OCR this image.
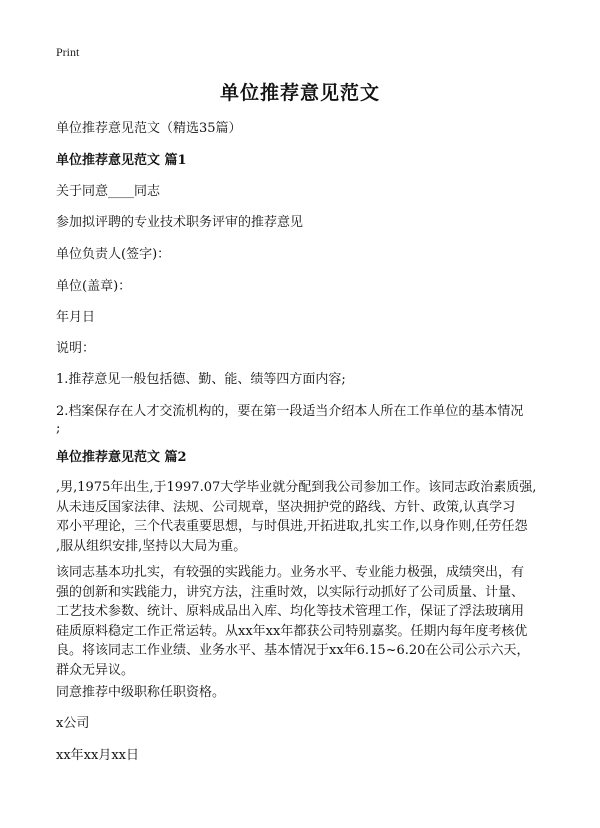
Print
单位推荐意见范文
单位推荐意见范文（精选35篇）
单位推荐意见范文 篇1
关于同意____同志
参加拟评聘的专业技术职务评审的推荐意见
单位负责人(签字)：
单位(盖章)：
年月日
说明：
1.推荐意见一般包括德、勤、能、绩等四方面内容;
2.档案保存在人才交流机构的，要在第一段适当介绍本人所在工作单位的基本情况
;
单位推荐意见范文 篇2
,男,1975年出生,于1997.07大学毕业就分配到我公司参加工作。该同志政治素质强,
从未违反国家法律、法规、公司规章，坚决拥护党的路线、方针、政策,认真学习
邓小平理论，三个代表重要思想，与时俱进,开拓进取,扎实工作,以身作则,任劳任怨
,服从组织安排,坚持以大局为重。
该同志基本功扎实，有较强的实践能力。业务水平、专业能力极强，成绩突出，有
强的创新和实践能力，讲究方法，注重时效，以实际行动抓好了公司质量、计量、
工艺技术参数、统计、原料成品出入库、均化等技术管理工作，保证了浮法玻璃用
硅质原料稳定工作正常运转。从xx年xx年都获公司特别嘉奖。任期内每年度考核优
良。将该同志工作业绩、业务水平、基本情况于xx年6.15~6.20在公司公示六天，
群众无异议。
同意推荐中级职称任职资格。
x公司
xx年xx月xx日
